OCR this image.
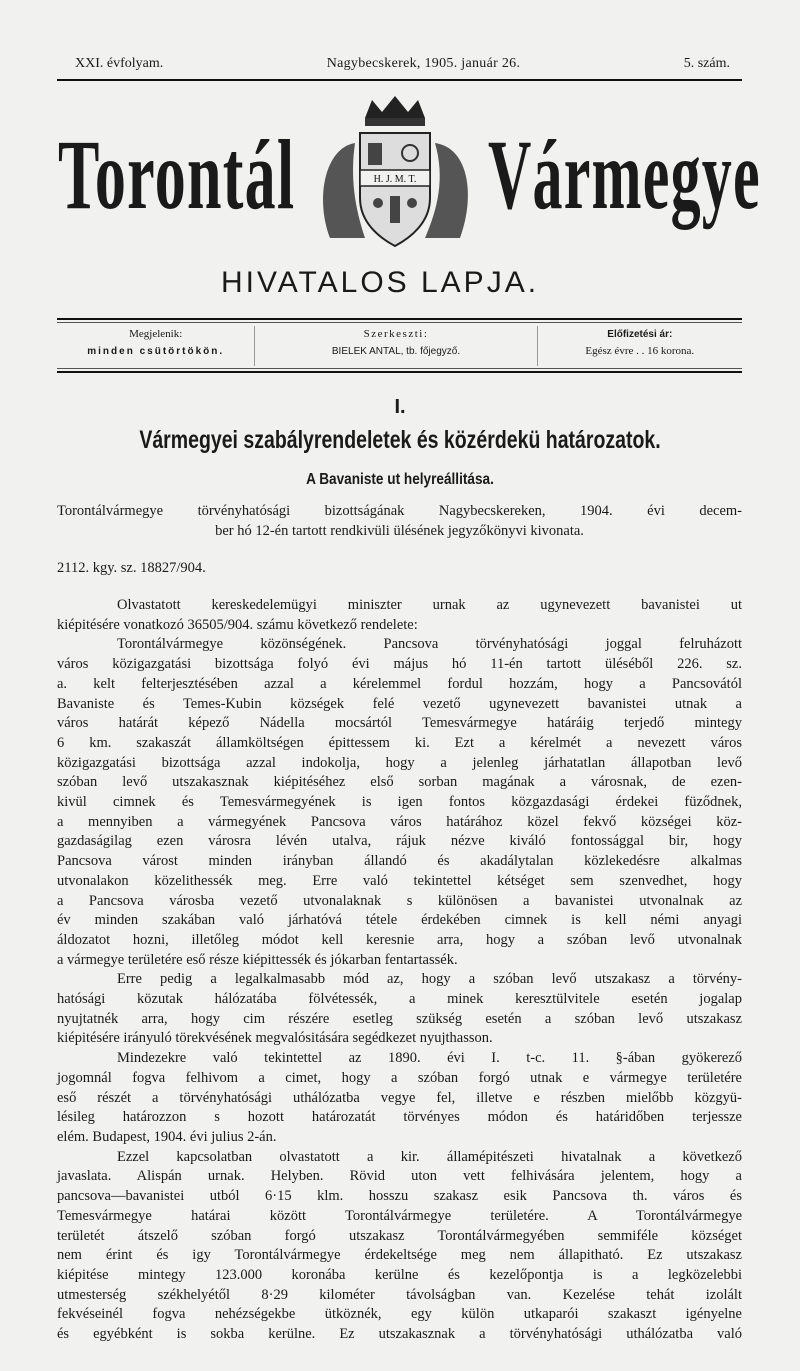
XXI. évfolyam.	Nagybecskerek, 1905. január 26.	5. szám.
Torontál Vármegye
H. J. M. T.
HIVATALOS LAPJA.
Megjelenik:
minden csütörtökön.
Szerkeszti:
BIELEK ANTAL, tb. főjegyző.
Előfizetési ár:
Egész évre . . 16 korona.
I.
Vármegyei szabályrendeletek és közérdekü határozatok.
A Bavaniste ut helyreállitása.
Torontálvármegye törvényhatósági bizottságának Nagybecskereken, 1904. évi decem-
ber hó 12-én tartott rendkivüli ülésének jegyzőkönyvi kivonata.
2112. kgy. sz. 18827/904.
Olvastatott kereskedelemügyi miniszter urnak az ugynevezett bavanistei ut
kiépitésére vonatkozó 36505/904. számu következő rendelete:
Torontálvármegye közönségének. Pancsova törvényhatósági joggal felruházott
város közigazgatási bizottsága folyó évi május hó 11-én tartott üléséből 226. sz.
a. kelt felterjesztésében azzal a kérelemmel fordul hozzám, hogy a Pancsovától
Bavaniste és Temes-Kubin községek felé vezető ugynevezett bavanistei utnak a
város határát képező Nádella mocsártól Temesvármegye határáig terjedő mintegy
6 km. szakaszát államköltségen épittessem ki. Ezt a kérelmét a nevezett város
közigazgatási bizottsága azzal indokolja, hogy a jelenleg járhatatlan állapotban levő
szóban levő utszakasznak kiépitéséhez első sorban magának a városnak, de ezen-
kivül cimnek és Temesvármegyének is igen fontos közgazdasági érdekei füződnek,
a mennyiben a vármegyének Pancsova város határához közel fekvő községei köz-
gazdaságilag ezen városra lévén utalva, rájuk nézve kiváló fontossággal bir, hogy
Pancsova várost minden irányban állandó és akadálytalan közlekedésre alkalmas
utvonalakon közelithessék meg. Erre való tekintettel kétséget sem szenvedhet, hogy
a Pancsova városba vezető utvonalaknak s különösen a bavanistei utvonalnak az
év minden szakában való járhatóvá tétele érdekében cimnek is kell némi anyagi
áldozatot hozni, illetőleg módot kell keresnie arra, hogy a szóban levő utvonalnak
a vármegye területére eső része kiépittessék és jókarban fentartassék.
Erre pedig a legalkalmasabb mód az, hogy a szóban levő utszakasz a törvény-
hatósági közutak hálózatába fölvétessék, a minek keresztülvitele esetén jogalap
nyujtatnék arra, hogy cim részére esetleg szükség esetén a szóban levő utszakasz
kiépitésére irányuló törekvésének megvalósitására segédkezet nyujthasson.
Mindezekre való tekintettel az 1890. évi I. t-c. 11. §-ában gyökerező
jogomnál fogva felhivom a cimet, hogy a szóban forgó utnak e vármegye területére
eső részét a törvényhatósági uthálózatba vegye fel, illetve e részben mielőbb közgyü-
lésileg határozzon s hozott határozatát törvényes módon és határidőben terjessze
elém. Budapest, 1904. évi julius 2-án.
Ezzel kapcsolatban olvastatott a kir. államépitészeti hivatalnak a következő
javaslata. Alispán urnak. Helyben. Rövid uton vett felhivására jelentem, hogy a
pancsova—bavanistei utból 6·15 klm. hosszu szakasz esik Pancsova th. város és
Temesvármegye határai között Torontálvármegye területére. A Torontálvármegye
területét átszelő szóban forgó utszakasz Torontálvármegyében semmiféle községet
nem érint és igy Torontálvármegye érdekeltsége meg nem állapitható. Ez utszakasz
kiépitése mintegy 123.000 koronába kerülne és kezelőpontja is a legközelebbi
utmesterség székhelyétől 8·29 kilométer távolságban van. Kezelése tehát izolált
fekvéseinél fogva nehézségekbe ütköznék, egy külön utkaparói szakaszt igényelne
és egyébként is sokba kerülne. Ez utszakasznak a törvényhatósági uthálózatba való
